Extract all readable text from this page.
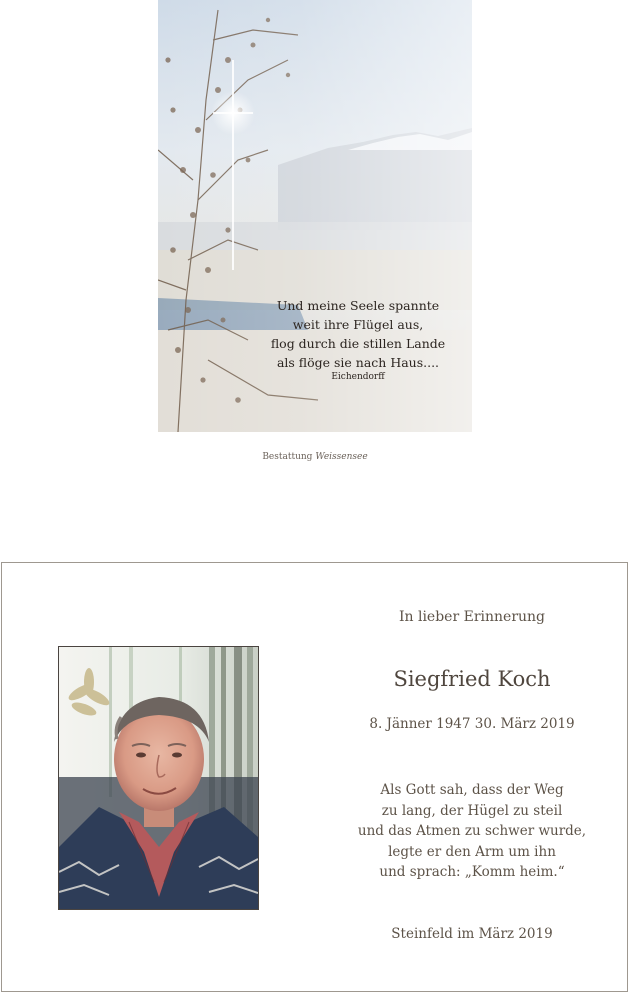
Und meine Seele spannte
weit ihre Flügel aus,
flog durch die stillen Lande
als flöge sie nach Haus....
Eichendorff
Bestattung Weissensee
In lieber Erinnerung
Siegfried Koch
8. Jänner 1947 30. März 2019
Als Gott sah, dass der Weg
zu lang, der Hügel zu steil
und das Atmen zu schwer wurde,
legte er den Arm um ihn
und sprach: „Komm heim.“
Steinfeld im März 2019
